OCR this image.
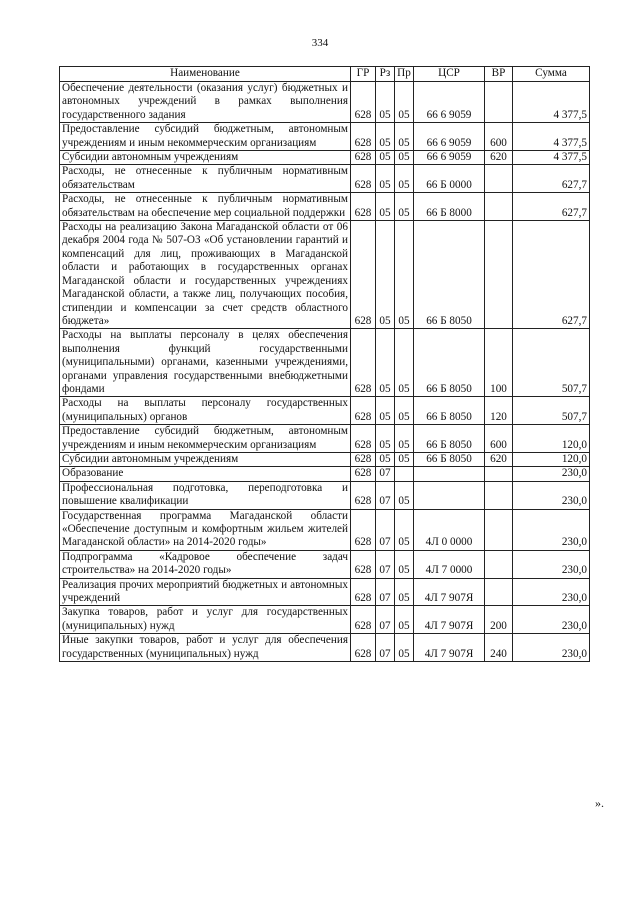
334
Наименование	ГР	Рз	Пр	ЦСР	ВР	Сумма
Обеспечение деятельности (оказания услуг) бюджетных и автономных учреждений в рамках выполнения государственного задания	628	05	05	66 6 9059		4 377,5
Предоставление субсидий бюджетным, автономным учреждениям и иным некоммерческим организациям	628	05	05	66 6 9059	600	4 377,5
Субсидии автономным учреждениям	628	05	05	66 6 9059	620	4 377,5
Расходы, не отнесенные к публичным нормативным обязательствам	628	05	05	66 Б 0000		627,7
Расходы, не отнесенные к публичным нормативным обязательствам на обеспечение мер социальной поддержки	628	05	05	66 Б 8000		627,7
Расходы на реализацию Закона Магаданской области от 06 декабря 2004 года № 507-ОЗ «Об установлении гарантий и компенсаций для лиц, проживающих в Магаданской области и работающих в государственных органах Магаданской области и государственных учреждениях Магаданской области, а также лиц, получающих пособия, стипендии и компенсации за счет средств областного бюджета»	628	05	05	66 Б 8050		627,7
Расходы на выплаты персоналу в целях обеспечения выполнения функций государственными (муниципальными) органами, казенными учреждениями, органами управления государственными внебюджетными фондами	628	05	05	66 Б 8050	100	507,7
Расходы на выплаты персоналу государственных (муниципальных) органов	628	05	05	66 Б 8050	120	507,7
Предоставление субсидий бюджетным, автономным учреждениям и иным некоммерческим организациям	628	05	05	66 Б 8050	600	120,0
Субсидии автономным учреждениям	628	05	05	66 Б 8050	620	120,0
Образование	628	07				230,0
Профессиональная подготовка, переподготовка и повышение квалификации	628	07	05			230,0
Государственная программа Магаданской области «Обеспечение доступным и комфортным жильем жителей Магаданской области» на 2014-2020 годы»	628	07	05	4Л 0 0000		230,0
Подпрограмма «Кадровое обеспечение задач строительства» на 2014-2020 годы»	628	07	05	4Л 7 0000		230,0
Реализация прочих мероприятий бюджетных и автономных учреждений	628	07	05	4Л 7 907Я		230,0
Закупка товаров, работ и услуг для государственных (муниципальных) нужд	628	07	05	4Л 7 907Я	200	230,0
Иные закупки товаров, работ и услуг для обеспечения государственных (муниципальных) нужд	628	07	05	4Л 7 907Я	240	230,0
».
